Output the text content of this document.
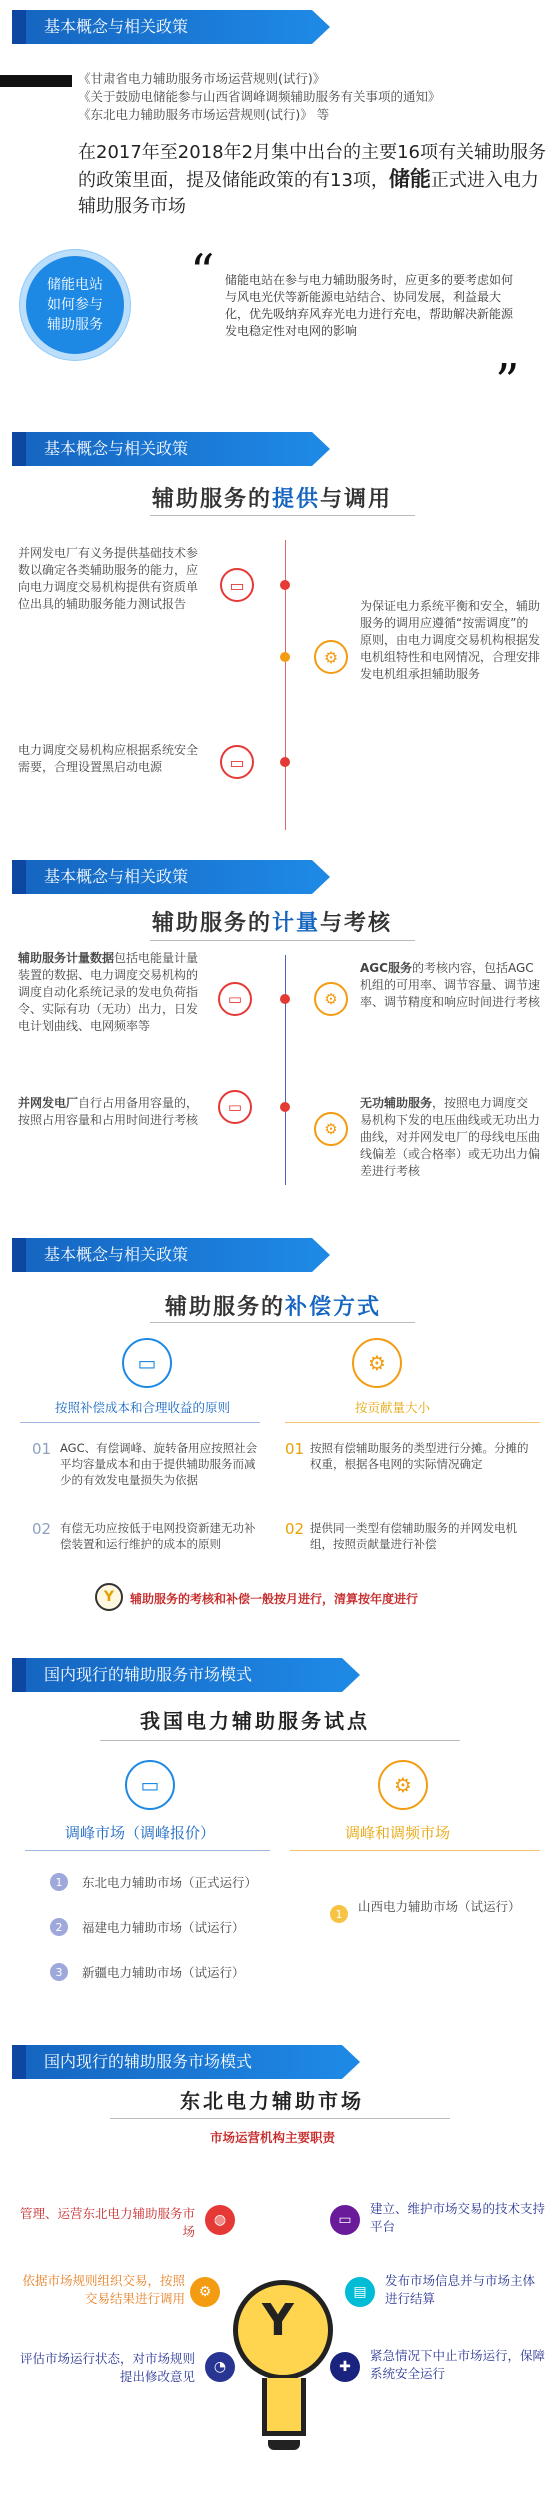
基本概念与相关政策
《甘肃省电力辅助服务市场运营规则(试行)》
《关于鼓励电储能参与山西省调峰调频辅助服务有关事项的通知》
《东北电力辅助服务市场运营规则(试行)》 等
在2017年至2018年2月集中出台的主要16项有关辅助服务的政策里面，提及储能政策的有13项，储能正式进入电力辅助服务市场
储能电站如何参与辅助服务
“ 储能电站在参与电力辅助服务时，应更多的要考虑如何与风电光伏等新能源电站结合、协同发展，利益最大化，优先吸纳弃风弃光电力进行充电，帮助解决新能源发电稳定性对电网的影响
”
基本概念与相关政策
辅助服务的提供与调用
并网发电厂有义务提供基础技术参数以确定各类辅助服务的能力，应向电力调度交易机构提供有资质单位出具的辅助服务能力测试报告
▭
⚙
为保证电力系统平衡和安全，辅助服务的调用应遵循“按需调度”的原则，由电力调度交易机构根据发电机组特性和电网情况，合理安排发电机组承担辅助服务
电力调度交易机构应根据系统安全需要，合理设置黑启动电源	▭
基本概念与相关政策
辅助服务的计量与考核
辅助服务计量数据包括电能量计量装置的数据、电力调度交易机构的调度自动化系统记录的发电负荷指令、实际有功（无功）出力，日发电计划曲线、电网频率等
▭
AGC服务的考核内容，包括AGC机组的可用率、调节容量、调节速率、调节精度和响应时间进行考核
⚙
并网发电厂自行占用备用容量的，按照占用容量和占用时间进行考核
▭	无功辅助服务，按照电力调度交易机构下发的电压曲线或无功出力曲线，对并网发电厂的母线电压曲线偏差（或合格率）或无功出力偏差进行考核
⚙
基本概念与相关政策
辅助服务的补偿方式
▭	⚙
按照补偿成本和合理收益的原则	按贡献量大小
01 AGC、有偿调峰、旋转备用应按照社会平均容量成本和由于提供辅助服务而减少的有效发电量损失为依据
02 有偿无功应按低于电网投资新建无功补偿装置和运行维护的成本的原则
01 按照有偿辅助服务的类型进行分摊。分摊的权重，根据各电网的实际情况确定
02 提供同一类型有偿辅助服务的并网发电机组，按照贡献量进行补偿
Y	辅助服务的考核和补偿一般按月进行，清算按年度进行
国内现行的辅助服务市场模式
我国电力辅助服务试点
▭	⚙
调峰市场（调峰报价）	调峰和调频市场
1	东北电力辅助市场（正式运行）
2	福建电力辅助市场（试运行）
3	新疆电力辅助市场（试运行）
1	山西电力辅助市场（试运行）
国内现行的辅助服务市场模式
东北电力辅助市场
市场运营机构主要职责
Y
管理、运营东北电力辅助服务市场
◍
依据市场规则组织交易，按照交易结果进行调用 ⚙
评估市场运行状态，对市场规则提出修改意见
◔
▭
建立、维护市场交易的技术支持平台
▤
发布市场信息并与市场主体进行结算
✚
紧急情况下中止市场运行，保障系统安全运行
